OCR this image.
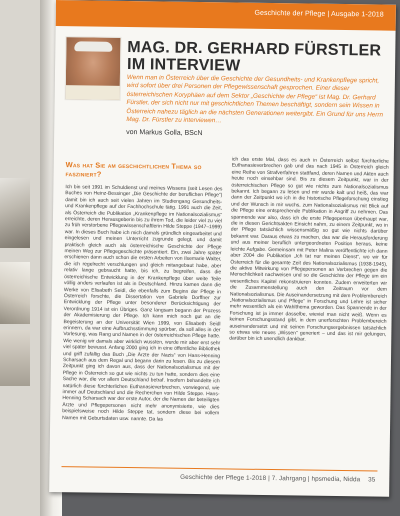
Geschichte der Pflege | Ausgabe 1-2018
MAG. DR. GERHARD FÜRSTLER
IM INTERVIEW
Wenn man in Österreich über die Geschichte der Gesundheits- und Krankenpflege spricht, wird sofort über drei Personen der Pflegewissenschaft gesprochen. Einer dieser österreichischen Koryphäen auf dem Sektor „Geschichte der Pflege“ ist Mag. Dr. Gerhard Fürstler, der sich nicht nur mit geschichtlichen Themen beschäftigt, sondern sein Wissen in Österreich nahezu täglich an die nächsten Generationen weitergibt. Ein Grund für uns Herrn Mag. Dr. Fürstler zu interviewen…
von Markus Golla, BScN
Was hat Sie am geschichtlichen Thema so fasziniert?
Ich bin seit 1991 im Schuldienst und meines Wissens (seit Lesen des Buches von Heinz-Bessinger „Die Geschichte der beruflichen Pflege“) damit bin ich auch seit vielen Jahren im Studiengang Gesundheits- und Krankenpflege auf der Fachhochschule tätig. 1991 auch die Zeit, als Österreich die Publikation „Krankenpflege im Nationalsozialismus“ erreichte, deren Herausgeberin bis zu ihrem Tod, die leider viel zu viel zu früh verstorbene Pflegewissenschaftlerin Hilde Steppe (1947–1999) war. In dieses Buch habe ich mich damals gründlich eingearbeitet und eingelesen und meinen Unterricht zugrunde gelegt, und damit praktisch gleich auch als österreichische Geschichte der Pflege meinen Weg zur Pflegegeschichte präsentiert. Ein, zwei Jahre später erschienen dann auch schon die ersten Arbeiten von Ilsemarie Walter, die ich regelrecht verschlungen und gleich mitangebaut habe, aber relativ lange gebraucht hatte, bis ich, zu begreifen, dass die österreichische Entwicklung in der Krankenpflege über weite Teile völlig anders verlaufen ist als in Deutschland. Hinzu kamen dann die Werke von Elisabeth Seidl, die ebenfalls zum Beginn der Pflege in Österreich forschte, die Dissertation von Gabriele Dorffner zur Entwicklung der Pflege unter besonderer Berücksichtigung der Verordnung 1914 ist ein Übriges. Ganz langsam begann der Prozess der Akademisierung der Pflege. Ich kann mich noch gut an die Begeisterung an der Universität Wien 1999, von Elisabeth Seidl erinnern, da war eine Aufbruchsstimmung spürbar, da soll alles in der Vorlesung, was Rang und Namen in der österreichischen Pflege hatte. Wie wenig wir damals aber wirklich wussten, wurde mir aber erst sehr viel später bewusst. Anfang 2000 ging ich in eine öffentliche Bibliothek und griff zufällig das Buch „Die Ärzte der Nazis“ von Hans-Henning Scharsach aus dem Regal und begann darin zu lesen. Bis zu diesem Zeitpunkt ging ich davon aus, dass der Nationalsozialismus mit der Pflege in Österreich so gut wie nichts zu tun hatte, sondern dies eine Sache war, die vor allem Deutschland betraf. Insofern behandelte ich natürlich diese fürchterlichen Euthanasieverbrechen, vorwiegend, wie immer auf Deutschland und die Recherchen von Hilde Steppe. Hans-Henning Scharsach war der erste Autor, der die Namen der beteiligten Ärzte und Pflegepersonen nicht mehr anonymisierte, wie dies beispielsweise noch Hilde Steppe tat, sondern diese bei vollem Namen mit Geburtsdaten usw. nannte. Da las
ich das erste Mal, dass es auch in Österreich selbst fürchterliche Euthanasieverbrechen gab und das nach 1945 in Österreich gleich eine Reihe von Strafverfahren stattfand, deren Namen und Akten auch heute noch einsehbar sind. Bis zu diesem Zeitpunkt, war in der österreichischen Pflege so gut wie nichts zum Nationalsozialismus bekannt. Ich begann zu lesen und mir wurde kalt und heiß, das war dann der Zeitpunkt wo ich in die historische Pflegeforschung einstieg und der Wunsch in mir wuchs, zum Nationalsozialismus mit Blick auf die Pflege eine entsprechende Publikation in Angriff zu nehmen. Das spannende war also, dass ich die erste Pflegeperson überhaupt war, die in diesen Gerichtsakten Einsicht nahm, zu einem Zeitpunkt, wo in der Pflege tatsächlich wissensmäßig so gut wie nichts darüber bekannt war. Daraus etwas zu machen, das war die Herausforderung und aus meiner beruflich untergeordneten Position heraus, keine leichte Aufgabe. Gemeinsam mit Peter Malina veröffentlichte ich dann aber 2004 die Publikation „Ich tat nur meinen Dienst“, wo wir für Österreich für die gesamte Zeit des Nationalsozialismus (1938-1945), die aktive Mitwirkung von Pflegepersonen an Verbrechen gegen die Menschlichkeit nachweisen und so die Geschichte der Pflege um ein wesentliches Kapitel rekonstruieren konnten. Zudem erweiterten wir die Zusammenstellung auch den Zeitraum vor dem Nationalsozialismus. Die Auseinandersetzung mit dem Problembereich „Nationalsozialismus und Pflege“ in Forschung und Lehre ist sicher mehr wesentlich als ein Wahlthema geworden. Das Spannende in der Forschung ist ja immer dasselbe, wieviel man nicht weiß. Wenn es keinen Forschungsstand gibt, in dem unerforschten Problembereich auseinandersetzt und mit seinen Forschungsergebnissen tatsächlich so etwas wie neues „Wissen“ generiert – und das ist mir gelungen, darüber bin ich unendlich dankbar.
Geschichte der Pflege 1-2018 | 7. Jahrgang | hpsmedia, Nidda 35
